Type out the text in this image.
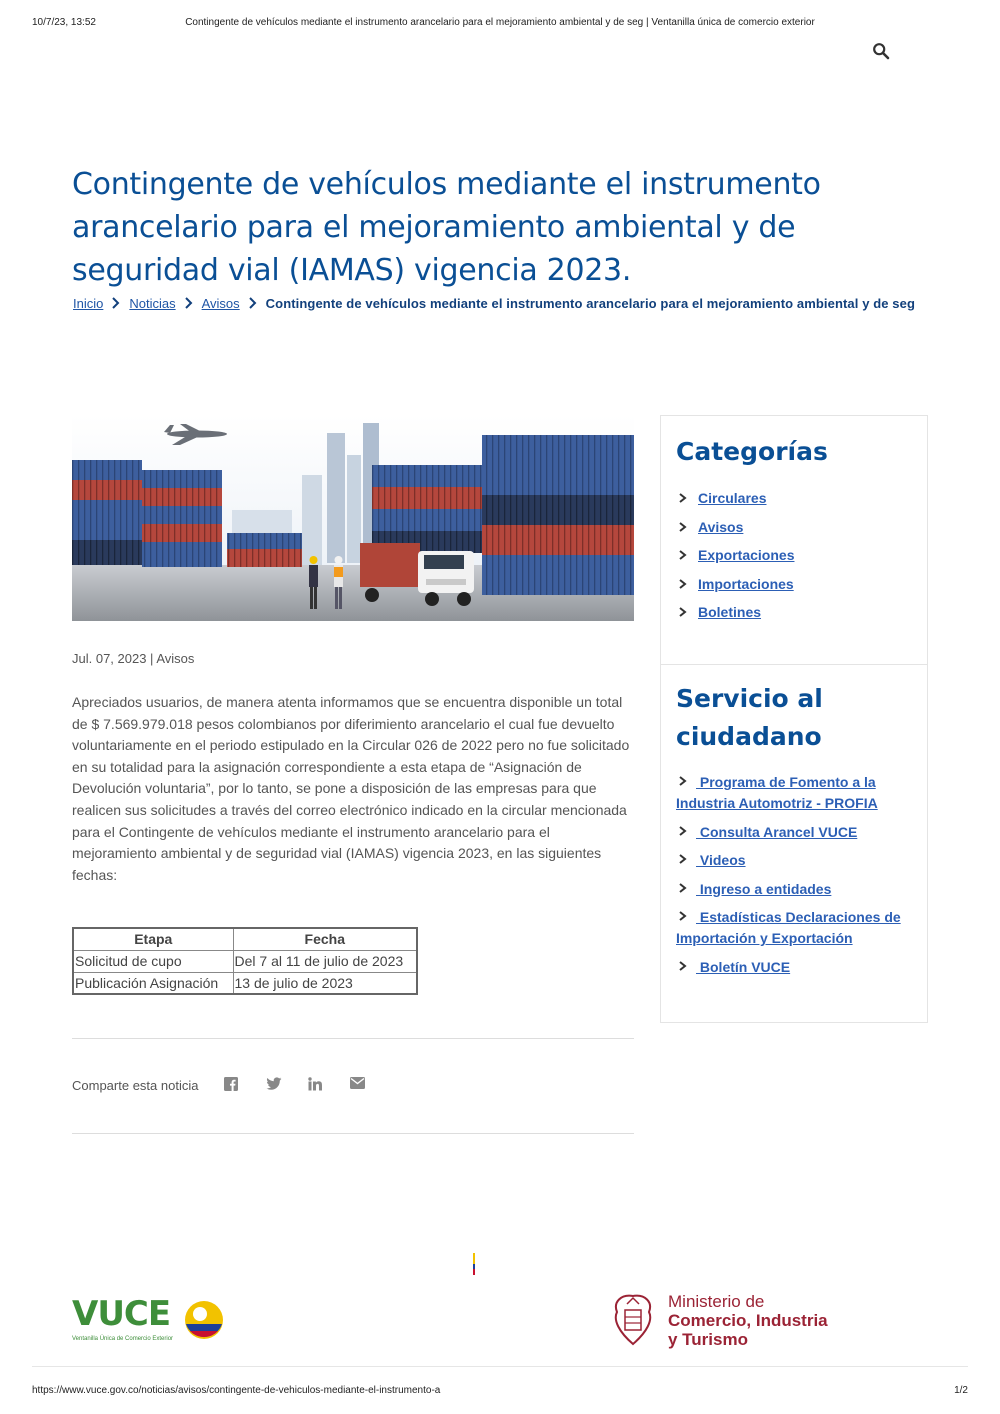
10/7/23, 13:52	Contingente de vehículos mediante el instrumento arancelario para el mejoramiento ambiental y de seg | Ventanilla única de comercio exterior
Contingente de vehículos mediante el instrumento arancelario para el mejoramiento ambiental y de seguridad vial (IAMAS) vigencia 2023.
Inicio Noticias Avisos Contingente de vehículos mediante el instrumento arancelario para el mejoramiento ambiental y de seg
Jul. 07, 2023 | Avisos

Apreciados usuarios, de manera atenta informamos que se encuentra disponible un total de $ 7.569.979.018 pesos colombianos por diferimiento arancelario el cual fue devuelto voluntariamente en el periodo estipulado en la Circular 026 de 2022 pero no fue solicitado en su totalidad para la asignación correspondiente a esta etapa de “Asignación de Devolución voluntaria”, por lo tanto, se pone a disposición de las empresas para que realicen sus solicitudes a través del correo electrónico indicado en la circular mencionada para el Contingente de vehículos mediante el instrumento arancelario para el mejoramiento ambiental y de seguridad vial (IAMAS) vigencia 2023, en las siguientes fechas:

Etapa	Fecha
Solicitud de cupo	Del 7 al 11 de julio de 2023
Publicación Asignación	13 de julio de 2023
Comparte esta noticia
Categorías
Circulares
Avisos
Exportaciones
Importaciones
Boletines
Servicio al ciudadano
Programa de Fomento a la Industria Automotriz - PROFIA
Consulta Arancel VUCE
Videos
Ingreso a entidades
Estadísticas Declaraciones de Importación y Exportación
Boletín VUCE
VUCE
Ventanilla Única de Comercio Exterior
Ministerio de
Comercio, Industria
y Turismo
https://www.vuce.gov.co/noticias/avisos/contingente-de-vehiculos-mediante-el-instrumento-a	1/2
